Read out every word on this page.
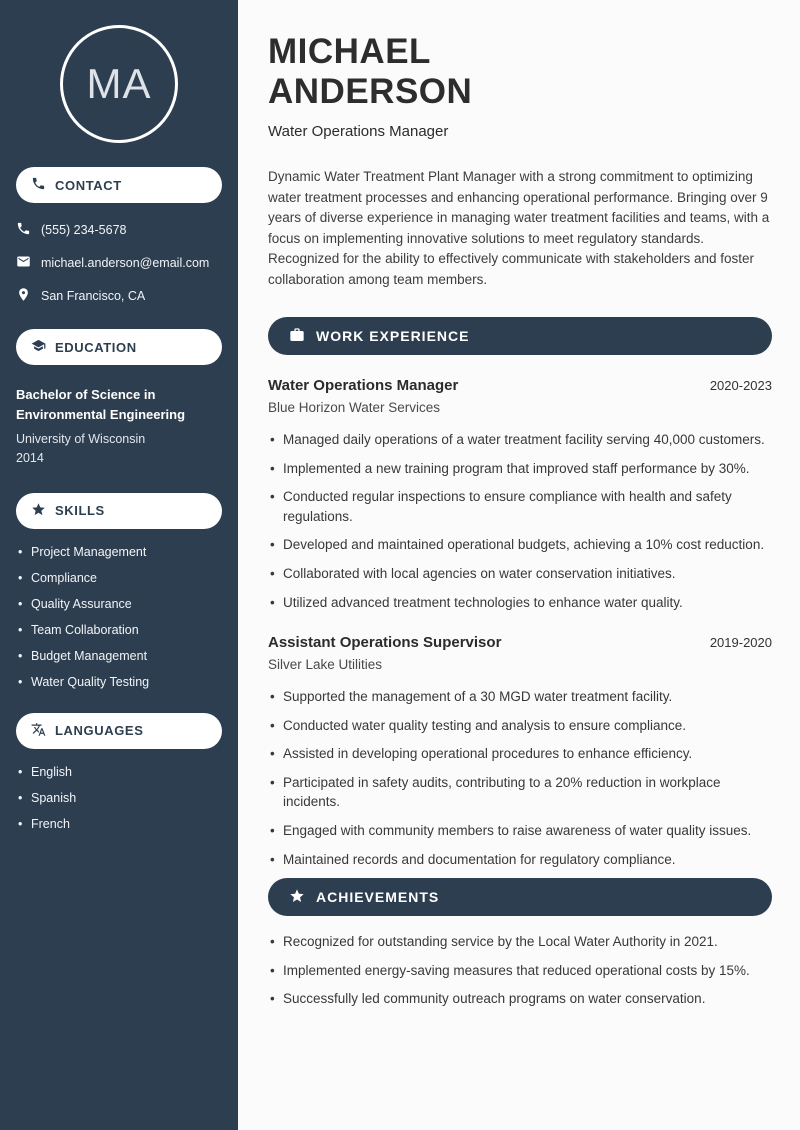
MA
CONTACT
(555) 234-5678
michael.anderson@email.com
San Francisco, CA
EDUCATION
Bachelor of Science in Environmental Engineering
University of Wisconsin
2014
SKILLS
• Project Management
• Compliance
• Quality Assurance
• Team Collaboration
• Budget Management
• Water Quality Testing
LANGUAGES
• English
• Spanish
• French
MICHAEL
ANDERSON
Water Operations Manager

Dynamic Water Treatment Plant Manager with a strong commitment to optimizing water treatment processes and enhancing operational performance. Bringing over 9 years of diverse experience in managing water treatment facilities and teams, with a focus on implementing innovative solutions to meet regulatory standards. Recognized for the ability to effectively communicate with stakeholders and foster collaboration among team members.

WORK EXPERIENCE
Water Operations Manager	2020-2023
Blue Horizon Water Services
• Managed daily operations of a water treatment facility serving 40,000 customers.
• Implemented a new training program that improved staff performance by 30%.
• Conducted regular inspections to ensure compliance with health and safety regulations.
• Developed and maintained operational budgets, achieving a 10% cost reduction.
• Collaborated with local agencies on water conservation initiatives.
• Utilized advanced treatment technologies to enhance water quality.
Assistant Operations Supervisor	2019-2020
Silver Lake Utilities
• Supported the management of a 30 MGD water treatment facility.
• Conducted water quality testing and analysis to ensure compliance.
• Assisted in developing operational procedures to enhance efficiency.
• Participated in safety audits, contributing to a 20% reduction in workplace incidents.
• Engaged with community members to raise awareness of water quality issues.
• Maintained records and documentation for regulatory compliance.
ACHIEVEMENTS
• Recognized for outstanding service by the Local Water Authority in 2021.
• Implemented energy-saving measures that reduced operational costs by 15%.
• Successfully led community outreach programs on water conservation.
